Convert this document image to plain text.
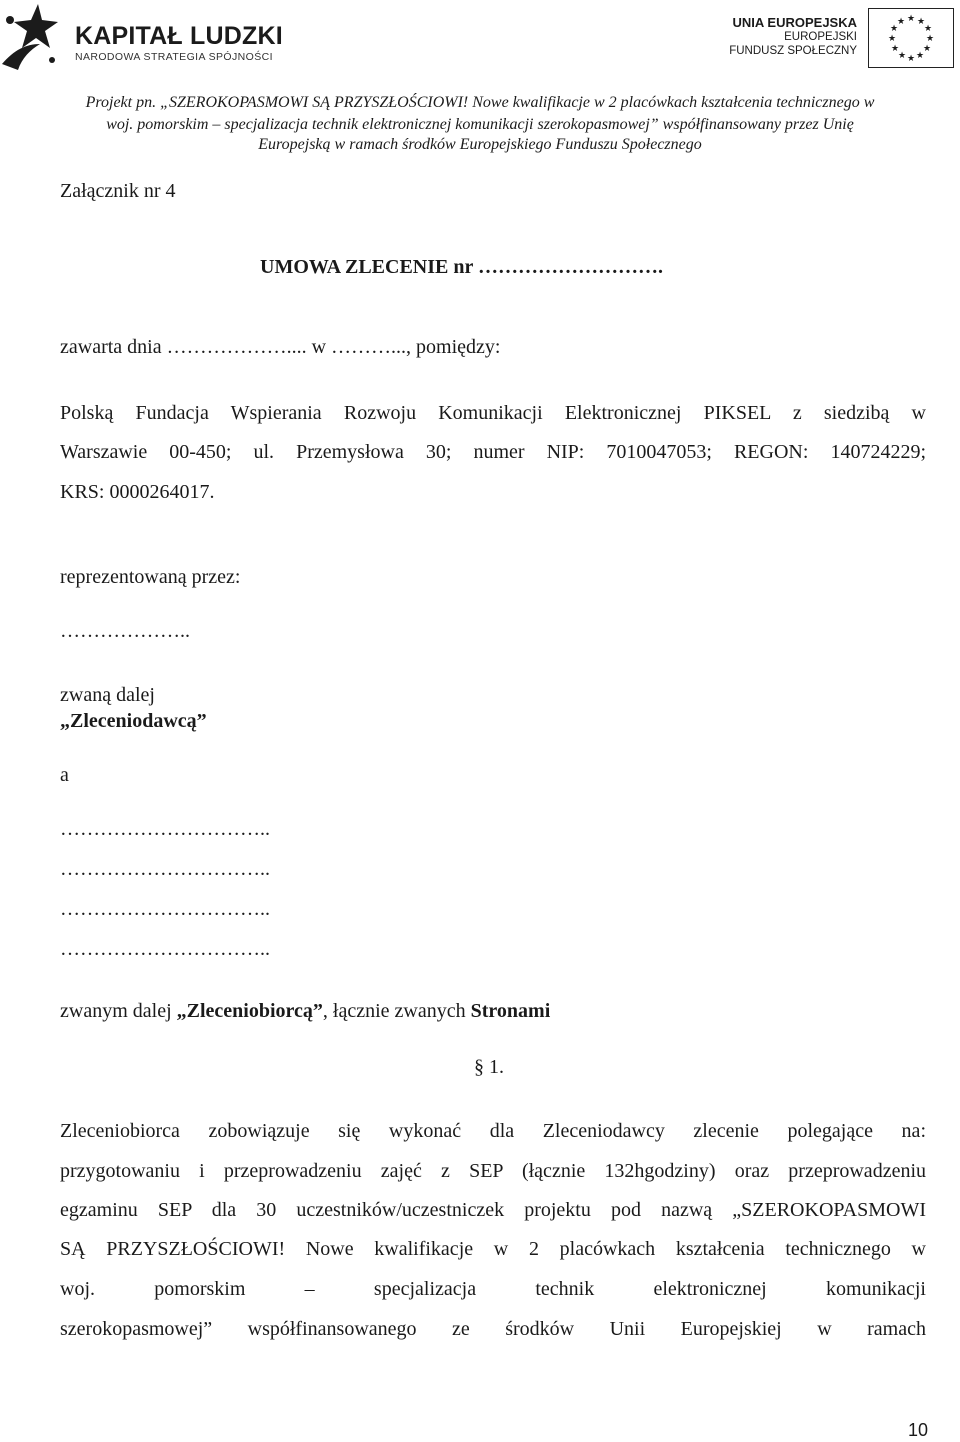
KAPITAŁ LUDZKI
NARODOWA STRATEGIA SPÓJNOŚCI
UNIA EUROPEJSKA
EUROPEJSKI
FUNDUSZ SPOŁECZNY
★ ★
★
★
★
★
★
★
★
★
★
★
Projekt pn. „SZEROKOPASMOWI SĄ PRZYSZŁOŚCIOWI! Nowe kwalifikacje w 2 placówkach kształcenia technicznego w
woj. pomorskim – specjalizacja technik elektronicznej komunikacji szerokopasmowej” współfinansowany przez Unię
Europejską w ramach środków Europejskiego Funduszu Społecznego
Załącznik nr 4
UMOWA ZLECENIE nr ……………………….
zawarta dnia ……………….... w ………..., pomiędzy:
Polską Fundacja Wspierania Rozwoju Komunikacji Elektronicznej PIKSEL z siedzibą w
Warszawie 00-450; ul. Przemysłowa 30; numer NIP: 7010047053; REGON: 140724229;
KRS: 0000264017.
reprezentowaną przez:
………………..
zwaną dalej
„Zleceniodawcą”
a
…………………………..
…………………………..
…………………………..
…………………………..
zwanym dalej „Zleceniobiorcą”, łącznie zwanych Stronami
§ 1.
Zleceniobiorca zobowiązuje się wykonać dla Zleceniodawcy zlecenie polegające na:
przygotowaniu i przeprowadzeniu zajęć z SEP (łącznie 132hgodziny) oraz przeprowadzeniu
egzaminu SEP dla 30 uczestników/uczestniczek projektu pod nazwą „SZEROKOPASMOWI
SĄ PRZYSZŁOŚCIOWI! Nowe kwalifikacje w 2 placówkach kształcenia technicznego w
woj. pomorskim – specjalizacja technik elektronicznej komunikacji
szerokopasmowej” współfinansowanego ze środków Unii Europejskiej w ramach
10
